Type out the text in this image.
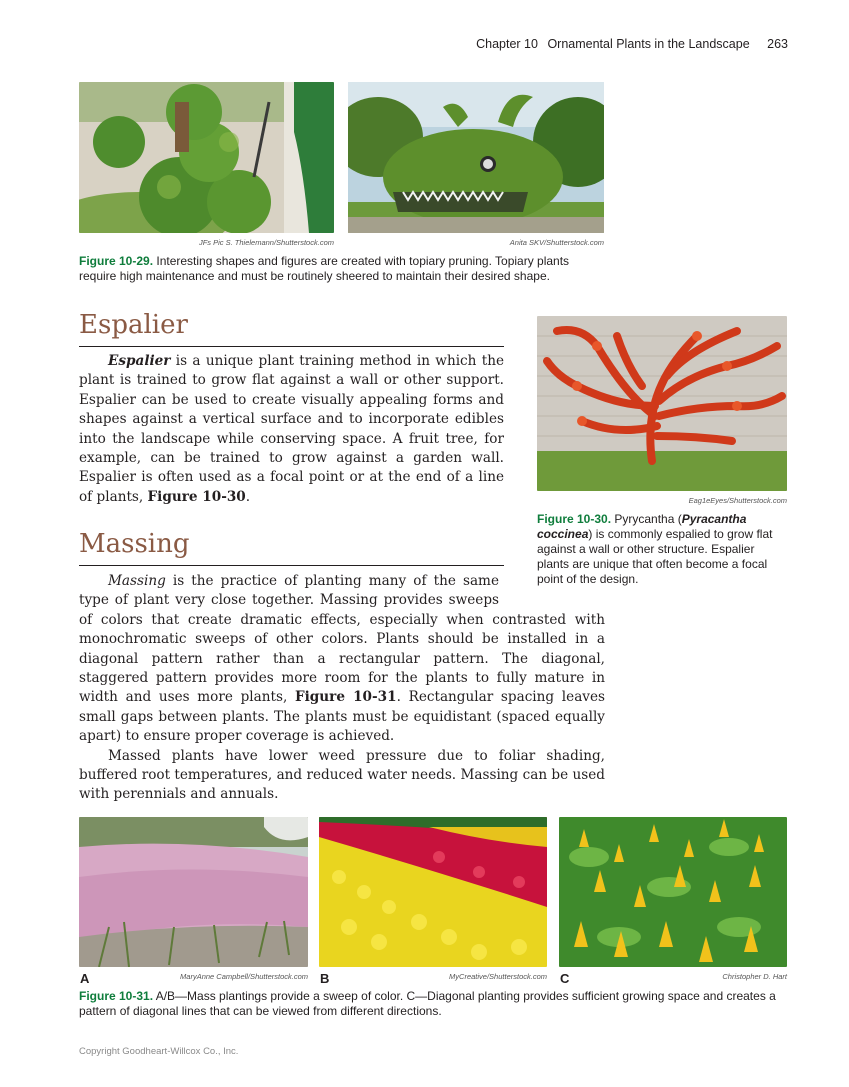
Chapter 10 Ornamental Plants in the Landscape 263
JFs Pic S. Thielemann/Shutterstock.com	Anita SKV/Shutterstock.com
Figure 10-29. Interesting shapes and figures are created with topiary pruning. Topiary plants require high maintenance and must be routinely sheered to maintain their desired shape.
Espalier

Espalier is a unique plant training method in which the plant is trained to grow flat against a wall or other support. Espalier can be used to create visually appealing forms and shapes against a vertical surface and to incorporate edibles into the landscape while conserving space. A fruit tree, for example, can be trained to grow against a garden wall. Espalier is often used as a focal point or at the end of a line of plants, Figure 10-30.	Eag1eEyes/Shutterstock.com
Figure 10-30. Pyrycantha (Pyracantha coccinea) is commonly espalied to grow flat against a wall or other structure. Espalier plants are unique that often become a focal point of the design.
Massing

Massing is the practice of planting many of the same type of plant very close together. Massing provides sweeps of colors that create dramatic effects, especially when contrasted with monochromatic sweeps of other colors. Plants should be installed in a diagonal pattern rather than a rectangular pattern. The diagonal, staggered pattern provides more room for the plants to fully mature in width and uses more plants, Figure 10-31. Rectangular spacing leaves small gaps between plants. The plants must be equidistant (spaced equally apart) to ensure proper coverage is achieved.

Massed plants have lower weed pressure due to foliar shading, buffered root temperatures, and reduced water needs. Massing can be used with perennials and annuals.

A	MaryAnne Campbell/Shutterstock.com B	MyCreative/Shutterstock.com C	Christopher D. Hart
Figure 10-31. A/B—Mass plantings provide a sweep of color. C—Diagonal planting provides sufficient growing space and creates a pattern of diagonal lines that can be viewed from different directions.
Copyright Goodheart-Willcox Co., Inc.
